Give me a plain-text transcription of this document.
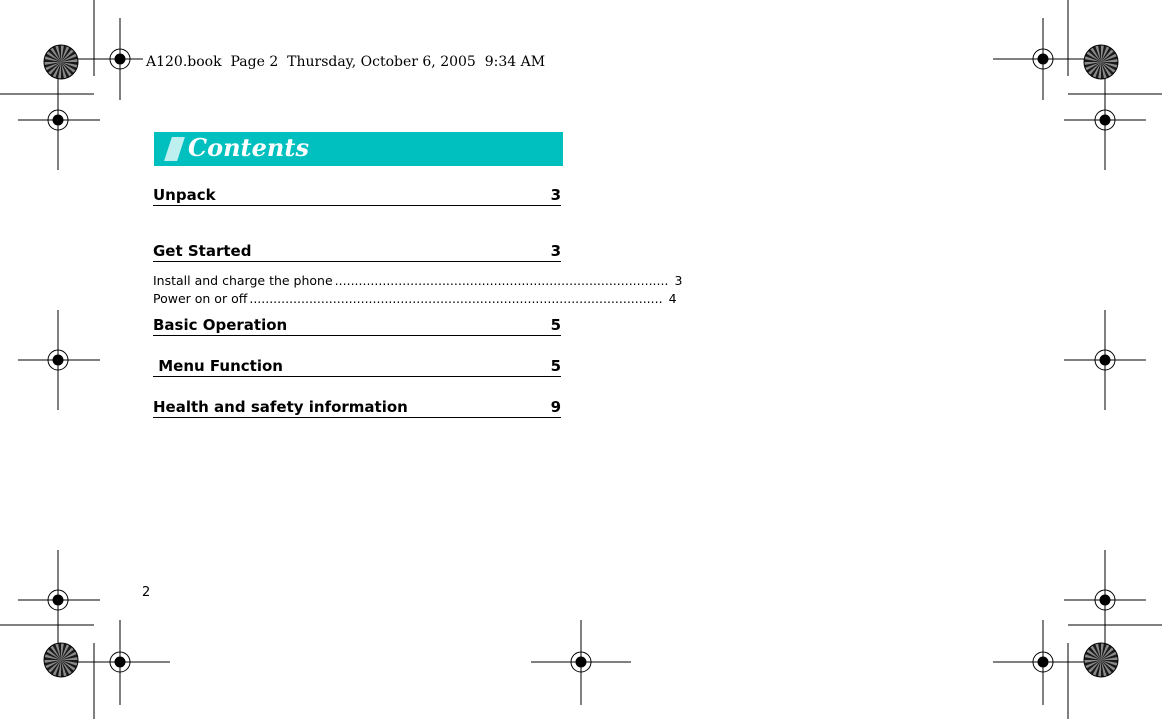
A120.book  Page 2  Thursday, October 6, 2005  9:34 AM
Contents
Unpack	3
Get Started	3
Install and charge the phone .................................................................................... 3
Power on or off ........................................................................................................ 4
Basic Operation	5
Menu Function	5
Health and safety information	9
2
